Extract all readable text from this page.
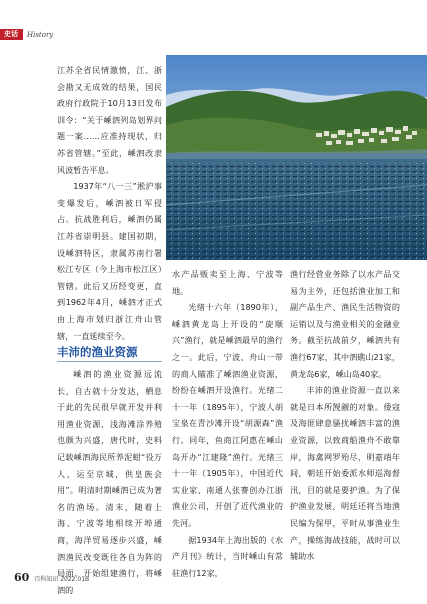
史话	History

江苏全省民情激愤，江、浙会勘又无成效的结果，国民政府行政院于10月13日发布训令：“关于嵊泗列岛划界问题一案……应准持现状，归苏省管辖。”至此，嵊泗改隶风波暂告平息。

1937年“八一三”淞沪事变爆发后，嵊泗被日军侵占。抗战胜利后，嵊泗仍属江苏省崇明县。建国初期，设嵊泗特区，隶属苏南行署松江专区（今上海市松江区）管辖。此后又历经变更，直到1962年4月，嵊泗才正式由上海市划归浙江舟山管辖，一直延续至今。

丰沛的渔业资源

嵊泗的渔业资源远流长，自古就十分发达，栖息于此的先民很早就开发并利用渔业资源，浅海滩涂养殖也颇为兴盛，唐代时，史料记载嵊泗海民所养泥蚶“役万人，运至京城，供皇族会用”。明清时期嵊泗已成为著名的渔场。清末，随着上海、宁波等地相续开埠通商，海洋贸易逐步兴盛，嵊泗渔民改变既往各自为阵的局面，开始组建渔行，将嵊泗的

水产品贩卖至上海、宁波等地。

光绪十六年（1890年），嵊泗黄龙岛上开设的“旋顺兴”渔行，就是嵊泗最早的渔行之一。此后，宁波、舟山一带的商人瞄准了嵊泗渔业资源，纷纷在嵊泗开设渔行。光绪二十一年（1895年），宁波人胡宝泉在青沙滩开设“胡源森”渔行。同年，鱼商江阿惠在嵊山岛开办“江建隆”渔行。光绪三十一年（1905年），中国近代实业家、南通人张謇创办江浙渔业公司，开创了近代渔业的先河。

据1934年上海出版的《水产月刊》统计，当时嵊山有常驻渔行12家，

渔行经营业务除了以水产品交易为主外，还包括渔业加工和副产品生产、渔民生活物资的运销以及与渔业相关的金融业务。截至抗战前夕，嵊泗共有渔行67家，其中泗礁山21家，黄龙岛6家，嵊山岛40家。

丰沛的渔业资源一直以来就是日本所觊觎的对象。倭寇及海匪肆意骚扰嵊泗丰富的渔业资源，以致商船渔舟不敢靠岸，海禽网罗殆尽，明嘉靖年间，朝廷开始委派水师巡海督汛，目的就是要护渔。为了保护渔业发展，明廷还将当地渔民编为保甲，平时从事渔业生产，操练海战技能，战时可以辅助水

60 百科知识 2022.01B
